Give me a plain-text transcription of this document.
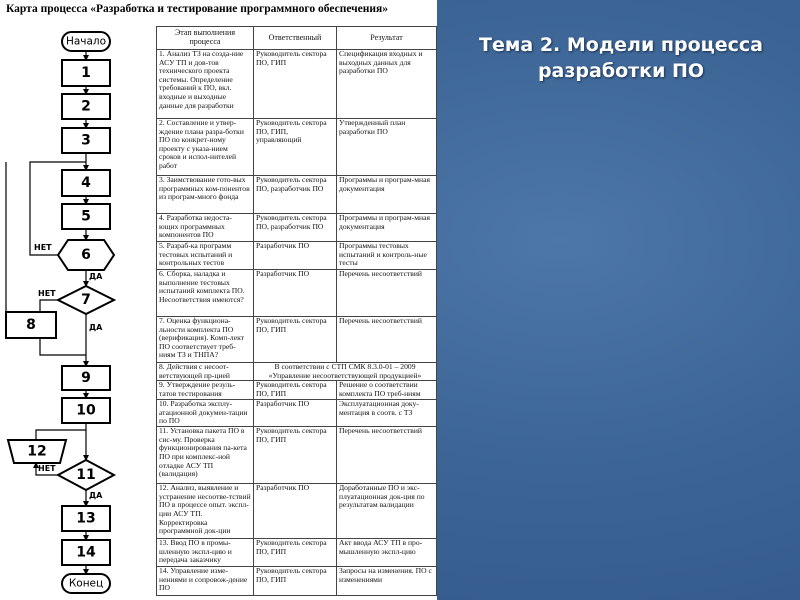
Карта процесса «Разработка и тестирование программного обеспечения»
Начало
Конец
1
2
3
4
5
6
НЕТ
ДА
7
НЕТ
ДА
8
9
10
12
11
НЕТ
ДА
13
14
Этап выполнения процесса	Ответственный	Результат
1. Анализ ТЗ на созда-ние АСУ ТП и дов-тов технического проекта системы. Определение требований к ПО, вкл. входные и выходные данные для разработки	Руководитель сектора ПО, ГИП	Спецификация входных и выходных данных для разработки ПО
2. Составление и утвер-ждение плана разра-ботки ПО по конкрет-ному проекту с указа-нием сроков и испол-нителей работ	Руководитель сектора ПО, ГИП, управляющий	Утвержденный план разработки ПО
3. Заимствование гото-вых программных ком-понентов из програм-много фонда	Руководитель сектора ПО, разработчик ПО	Программы и програм-мная документация
4. Разработка недоста-ющих программных компонентов ПО	Руководитель сектора ПО, разработчик ПО	Программы и програм-мная документация
5. Разраб-ка программ тестовых испытаний и контрольных тестов	Разработчик ПО	Программы тестовых испытаний и контроль-ные тесты
6. Сборка, наладка и выполнение тестовых испытаний комплекта ПО. Несоответствия имеются?	Разработчик ПО	Перечень несоответствий
7. Оценка функциона-льности комплекта ПО (верификация). Комп-лект ПО соответствует треб-ниям ТЗ и ТНПА?	Руководитель сектора ПО, ГИП	Перечень несоответствий
8. Действия с несоот-ветствующей пр-цией	В соответствии с СТП СМК 8.3.0-01 – 2009 «Управление несоответствующей продукцией»	
9. Утверждение резуль-татов тестирования	Руководитель сектора ПО, ГИП	Решение о соответствии комплекта ПО треб-ниям
10. Разработка эксплу-атационной докумен-тации по ПО	Разработчик ПО	Эксплуатационная доку-ментация в соотв. с ТЗ
11. Установка пакета ПО в сис-му. Проверка функционирования па-кета ПО при комплекс-ной отладке АСУ ТП (валидация)	Руководитель сектора ПО, ГИП	Перечень несоответствий
12. Анализ, выявление и устранение несоотве-тствий ПО в процессе опыт. экспл-ции АСУ ТП. Корректировка программной док-ции	Разработчик ПО	Доработанные ПО и экс-плуатационная док-ция по результатам валидации
13. Ввод ПО в промы-шленную экспл-цию и передача заказчику	Руководитель сектора ПО, ГИП	Акт ввода АСУ ТП в про-мышленную экспл-цию
14. Управление изме-нениями и сопровож-дение ПО	Руководитель сектора ПО, ГИП	Запросы на изменения. ПО с изменениями
Тема 2. Модели процесса разработки ПО
